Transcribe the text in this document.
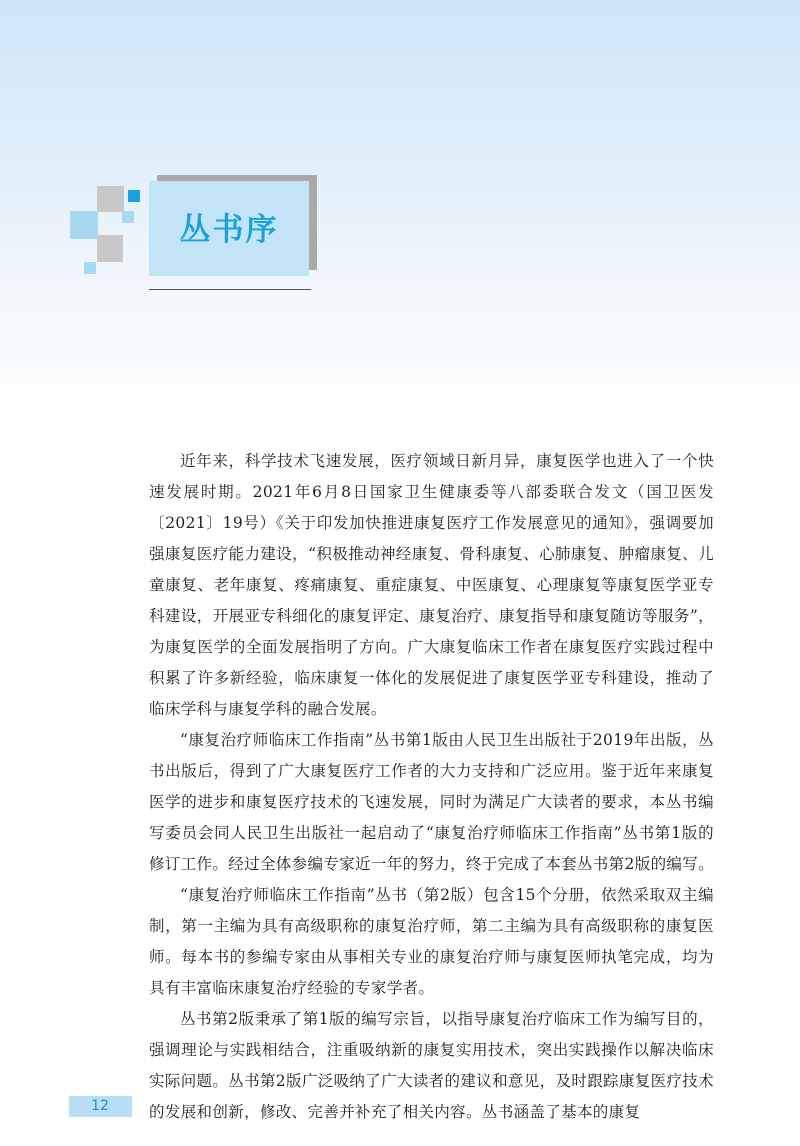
丛书序

近年来，科学技术飞速发展，医疗领域日新月异，康复医学也进入了一个快速发展时期。2021年6月8日国家卫生健康委等八部委联合发文（国卫医发〔2021〕19号）《关于印发加快推进康复医疗工作发展意见的通知》，强调要加强康复医疗能力建设，“积极推动神经康复、骨科康复、心肺康复、肿瘤康复、儿童康复、老年康复、疼痛康复、重症康复、中医康复、心理康复等康复医学亚专科建设，开展亚专科细化的康复评定、康复治疗、康复指导和康复随访等服务”，为康复医学的全面发展指明了方向。广大康复临床工作者在康复医疗实践过程中积累了许多新经验，临床康复一体化的发展促进了康复医学亚专科建设，推动了临床学科与康复学科的融合发展。

“康复治疗师临床工作指南”丛书第1版由人民卫生出版社于2019年出版，丛书出版后，得到了广大康复医疗工作者的大力支持和广泛应用。鉴于近年来康复医学的进步和康复医疗技术的飞速发展，同时为满足广大读者的要求，本丛书编写委员会同人民卫生出版社一起启动了“康复治疗师临床工作指南”丛书第1版的修订工作。经过全体参编专家近一年的努力，终于完成了本套丛书第2版的编写。

“康复治疗师临床工作指南”丛书（第2版）包含15个分册，依然采取双主编制，第一主编为具有高级职称的康复治疗师，第二主编为具有高级职称的康复医师。每本书的参编专家由从事相关专业的康复治疗师与康复医师执笔完成，均为具有丰富临床康复治疗经验的专家学者。

丛书第2版秉承了第1版的编写宗旨，以指导康复治疗临床工作为编写目的，强调理论与实践相结合，注重吸纳新的康复实用技术，突出实践操作以解决临床实际问题。丛书第2版广泛吸纳了广大读者的建议和意见，及时跟踪康复医疗技术的发展和创新，修改、完善并补充了相关内容。丛书涵盖了基本的康复

12
